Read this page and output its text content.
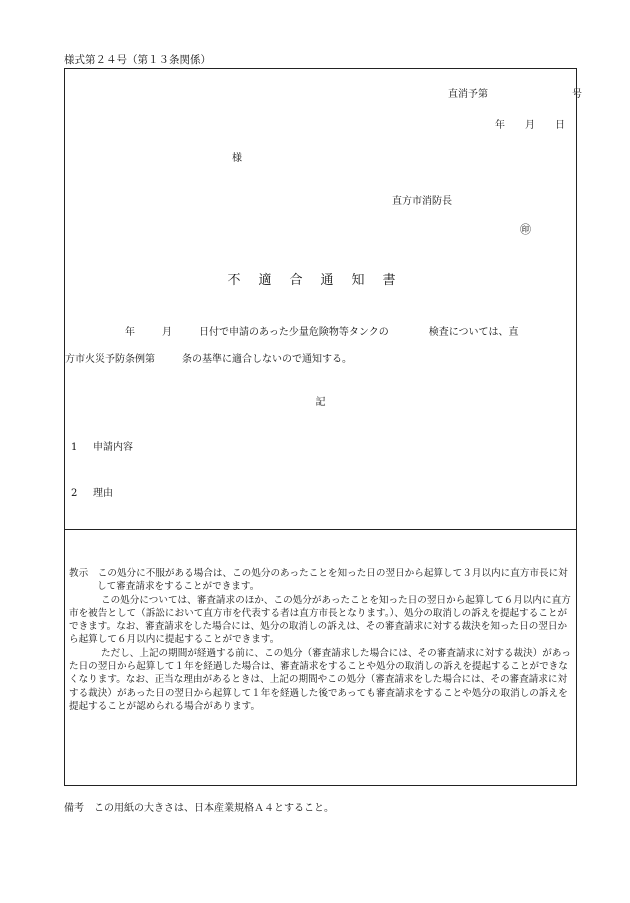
様式第２４号（第１３条関係）
直消予第	号
年 月 日
様
直方市消防長
㊞
不適合通知書
年	月	日付で申請のあった少量危険物等タンクの	検査については、直
方市火災予防条例第	条の基準に適合しないので通知する。
記
1 申請内容
2 理由

教示　 この処分に不服がある場合は、この処分のあったことを知った日の翌日から起算して３月以内に直方市長に対して審査請求をすることができます。

この処分については、審査請求のほか、この処分があったことを知った日の翌日から起算して６月以内に直方市を被告として（訴訟において直方市を代表する者は直方市長となります。）、処分の取消しの訴えを提起することができます。なお、審査請求をした場合には、処分の取消しの訴えは、その審査請求に対する裁決を知った日の翌日から起算して６月以内に提起することができます。

ただし、上記の期間が経過する前に、この処分（審査請求した場合には、その審査請求に対する裁決）があった日の翌日から起算して１年を経過した場合は、審査請求をすることや処分の取消しの訴えを提起することができなくなります。なお、正当な理由があるときは、上記の期間やこの処分（審査請求をした場合には、その審査請求に対する裁決）があった日の翌日から起算して１年を経過した後であっても審査請求をすることや処分の取消しの訴えを提起することが認められる場合があります。

備考　この用紙の大きさは、日本産業規格Ａ４とすること。
